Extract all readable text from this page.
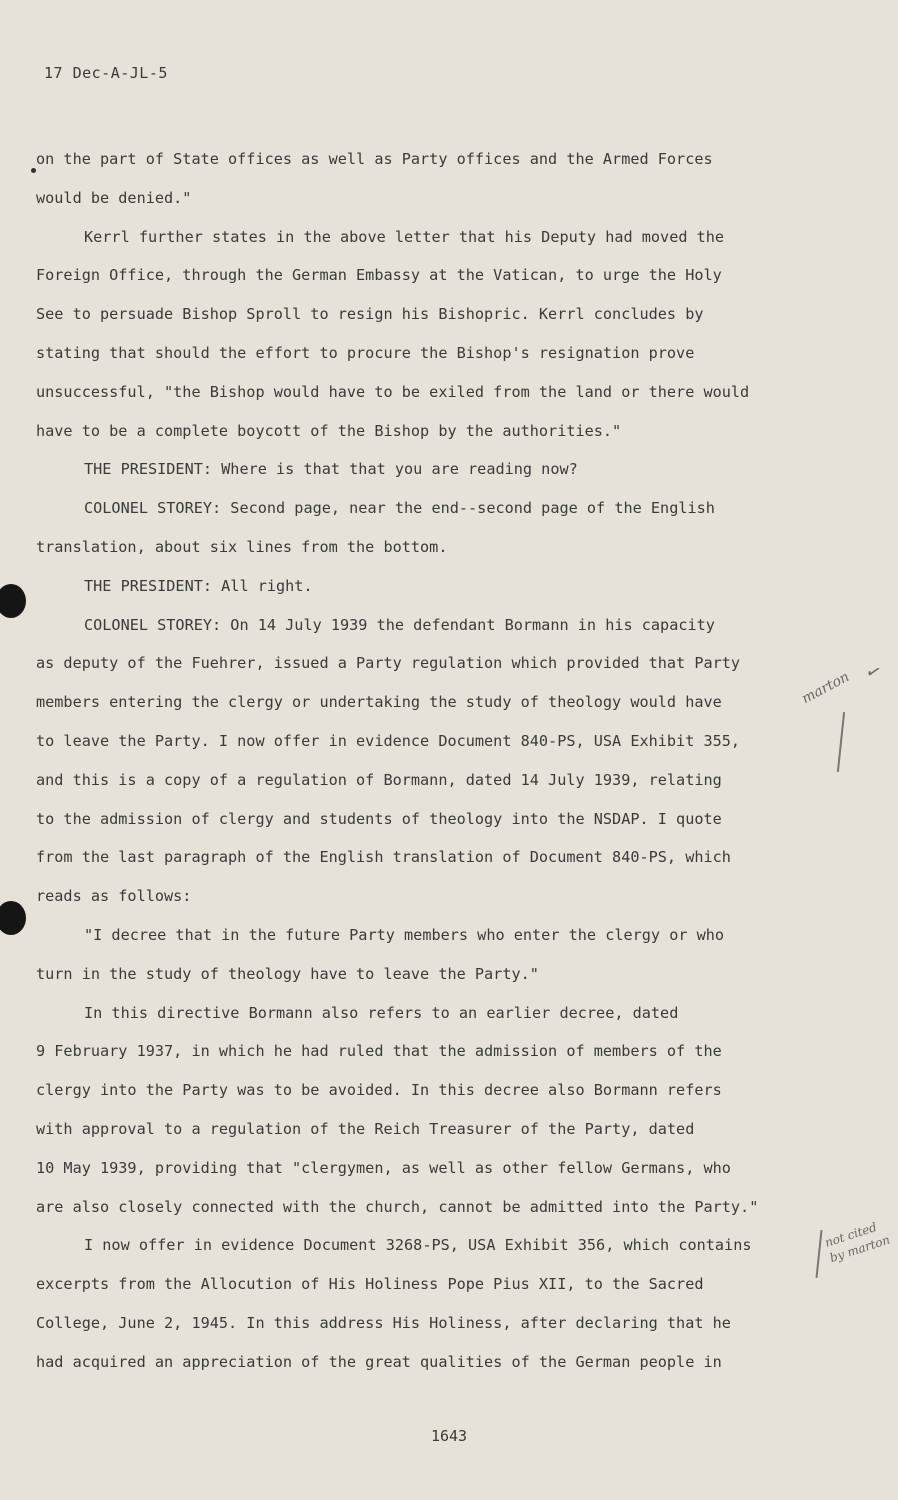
17 Dec-A-JL-5
on the part of State offices as well as Party offices and the Armed Forces
would be denied."
Kerrl further states in the above letter that his Deputy had moved the
Foreign Office, through the German Embassy at the Vatican, to urge the Holy
See to persuade Bishop Sproll to resign his Bishopric. Kerrl concludes by
stating that should the effort to procure the Bishop's resignation prove
unsuccessful, "the Bishop would have to be exiled from the land or there would
have to be a complete boycott of the Bishop by the authorities."
THE PRESIDENT: Where is that that you are reading now?
COLONEL STOREY: Second page, near the end--second page of the English
translation, about six lines from the bottom.
THE PRESIDENT: All right.
COLONEL STOREY: On 14 July 1939 the defendant Bormann in his capacity
as deputy of the Fuehrer, issued a Party regulation which provided that Party
members entering the clergy or undertaking the study of theology would have
to leave the Party. I now offer in evidence Document 840-PS, USA Exhibit 355,
and this is a copy of a regulation of Bormann, dated 14 July 1939, relating
to the admission of clergy and students of theology into the NSDAP. I quote
from the last paragraph of the English translation of Document 840-PS, which
reads as follows:
"I decree that in the future Party members who enter the clergy or who
turn in the study of theology have to leave the Party."
In this directive Bormann also refers to an earlier decree, dated
9 February 1937, in which he had ruled that the admission of members of the
clergy into the Party was to be avoided. In this decree also Bormann refers
with approval to a regulation of the Reich Treasurer of the Party, dated
10 May 1939, providing that "clergymen, as well as other fellow Germans, who
are also closely connected with the church, cannot be admitted into the Party."
I now offer in evidence Document 3268-PS, USA Exhibit 356, which contains
excerpts from the Allocution of His Holiness Pope Pius XII, to the Sacred
College, June 2, 1945. In this address His Holiness, after declaring that he
had acquired an appreciation of the great qualities of the German people in
marton ✓
not cited by marton
1643
